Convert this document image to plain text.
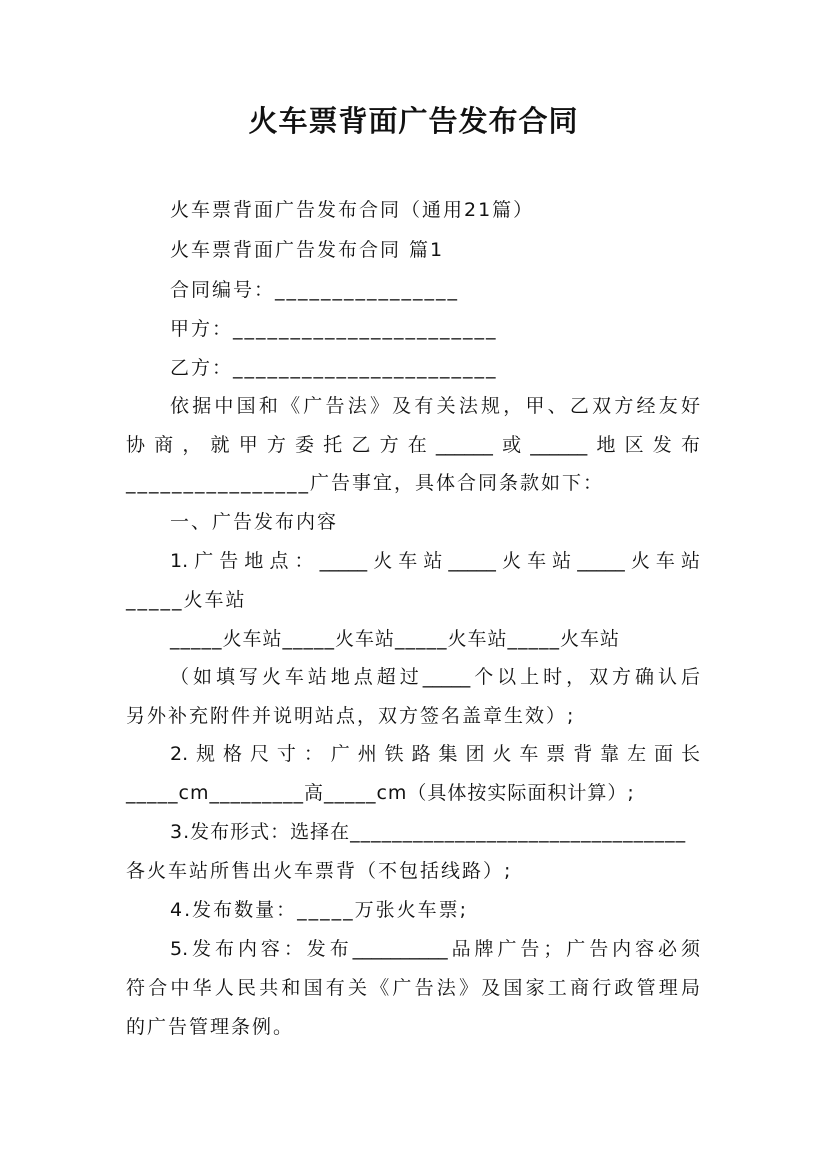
火车票背面广告发布合同
火车票背面广告发布合同（通用21篇）
火车票背面广告发布合同 篇1
合同编号：________________
甲方：_______________________
乙方：_______________________
依据中国和《广告法》及有关法规，甲、乙双方经友好
协商，就甲方委托乙方在______或______地区发布
________________广告事宜，具体合同条款如下：
一、广告发布内容
1.广告地点：_____火车站_____火车站_____火车站
_____火车站
_____火车站_____火车站_____火车站_____火车站
（如填写火车站地点超过_____个以上时，双方确认后
另外补充附件并说明站点，双方签名盖章生效）;
2.规格尺寸：广州铁路集团火车票背靠左面长
_____cm_________高_____cm（具体按实际面积计算）;
3.发布形式：选择在________________________________
各火车站所售出火车票背（不包括线路）;
4.发布数量：_____万张火车票;
5.发布内容：发布__________品牌广告；广告内容必须
符合中华人民共和国有关《广告法》及国家工商行政管理局
的广告管理条例。
